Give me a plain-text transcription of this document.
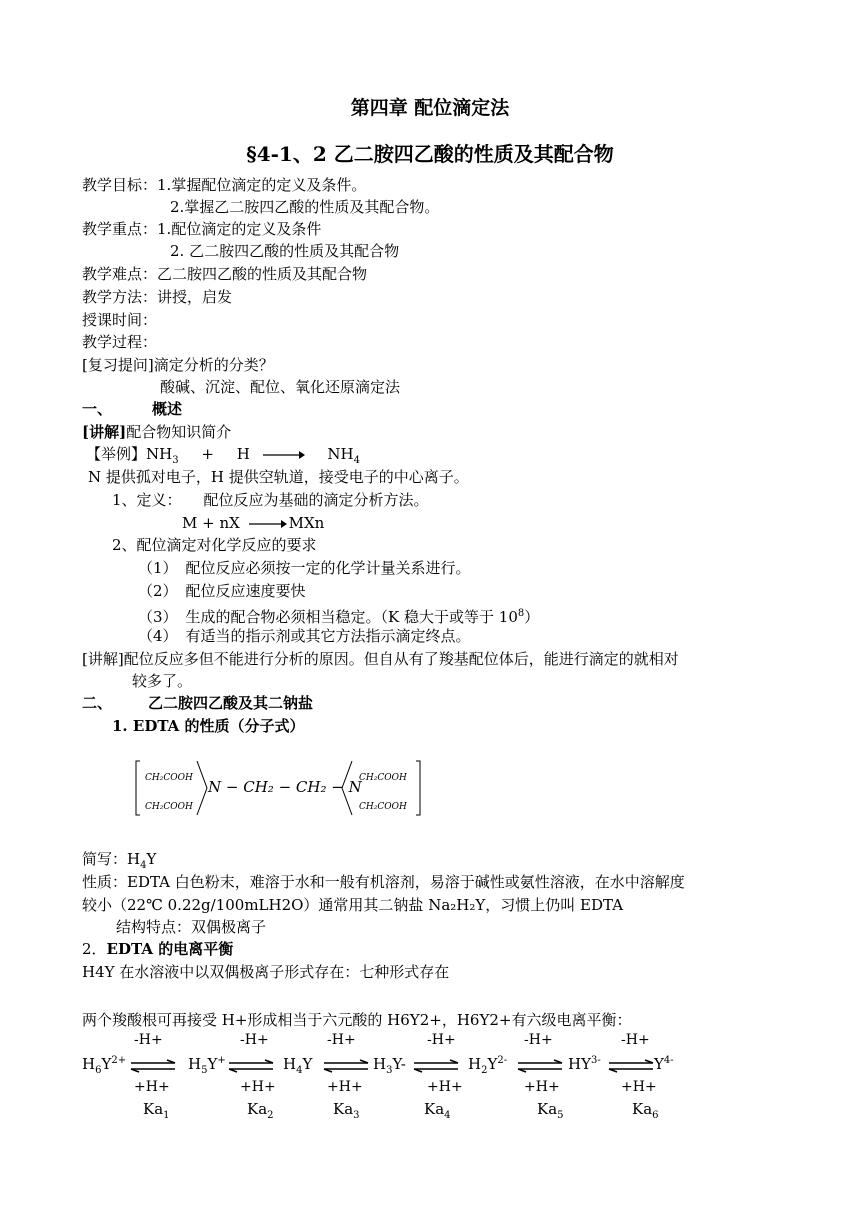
第四章 配位滴定法
§4-1、2 乙二胺四乙酸的性质及其配合物
教学目标：1.掌握配位滴定的定义及条件。
2.掌握乙二胺四乙酸的性质及其配合物。
教学重点：1.配位滴定的定义及条件
2. 乙二胺四乙酸的性质及其配合物
教学难点：乙二胺四乙酸的性质及其配合物
教学方法：讲授，启发
授课时间：
教学过程：
[复习提问]滴定分析的分类？
酸碱、沉淀、配位、氧化还原滴定法
一、	概述
[讲解]配合物知识简介
【举例】$NH_3 + H \to NH_4$
N 提供孤对电子，H 提供空轨道，接受电子的中心离子。
1、定义： 配位反应为基础的滴定分析方法。
M + nX → MXn
2、配位滴定对化学反应的要求
（1） 配位反应必须按一定的化学计量关系进行。
（2） 配位反应速度要快
（3） 生成的配合物必须相当稳定。（K 稳大于或等于 $10^8$）
（4） 有适当的指示剂或其它方法指示滴定终点。
[讲解]配位反应多但不能进行分析的原因。但自从有了羧基配位体后，能进行滴定的就相对
较多了。
二、 乙二胺四乙酸及其二钠盐
1. EDTA 的性质（分子式）
CH₂COOH
CH₂COOH
N − CH₂ − CH₂ − N
CH₂COOH
CH₂COOH
简写：$H_4Y$
性质：EDTA 白色粉末，难溶于水和一般有机溶剂，易溶于碱性或氨性溶液，在水中溶解度
较小（22℃ 0.22g/100mLH2O）通常用其二钠盐 Na₂H₂Y，习惯上仍叫 EDTA
结构特点：双偶极离子
2．EDTA 的电离平衡
H4Y 在水溶液中以双偶极离子形式存在：七种形式存在
两个羧酸根可再接受 H+形成相当于六元酸的 H6Y2+，H6Y2+有六级电离平衡：
$H_6Y^{2+}$	$H_5Y^+$	$H_4Y$	$H_3Y-$	$H_2Y^{2-}$	$HY^{3-}$	$Y^{4-}$
-H+
+H+
-H+
+H+
-H+
+H+
-H+
+H+
-H+
+H+
-H+
+H+
$Ka_1$	$Ka_2$	$Ka_3$	$Ka_4$	$Ka_5$	$Ka_6$
